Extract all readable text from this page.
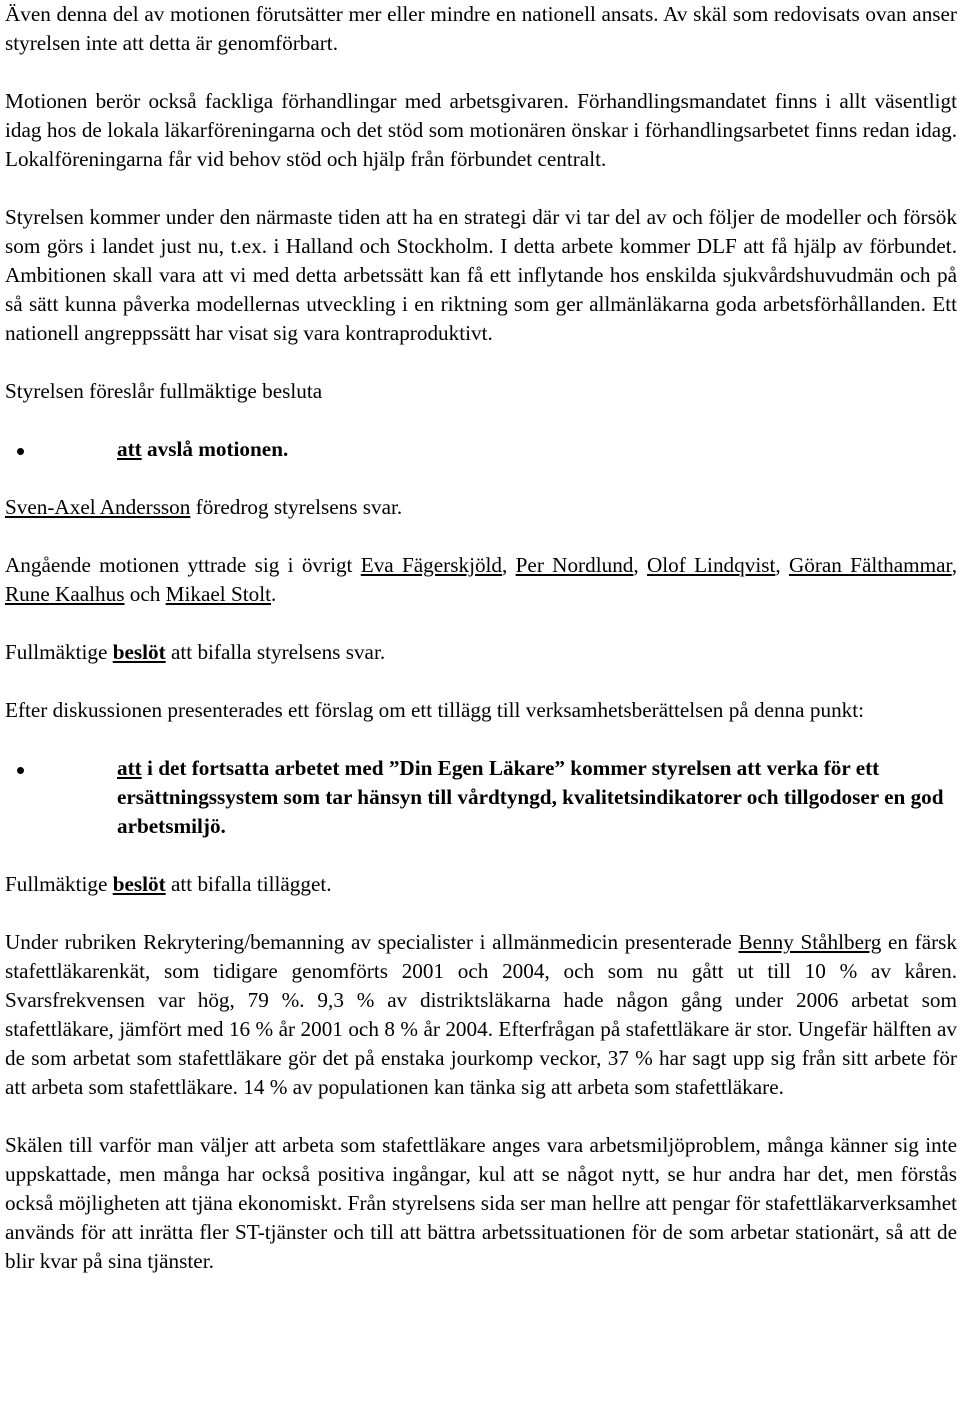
Även denna del av motionen förutsätter mer eller mindre en nationell ansats. Av skäl som redovisats ovan anser styrelsen inte att detta är genomförbart.

Motionen berör också fackliga förhandlingar med arbetsgivaren. Förhandlingsmandatet finns i allt väsentligt idag hos de lokala läkarföreningarna och det stöd som motionären önskar i förhandlingsarbetet finns redan idag. Lokalföreningarna får vid behov stöd och hjälp från förbundet centralt.

Styrelsen kommer under den närmaste tiden att ha en strategi där vi tar del av och följer de modeller och försök som görs i landet just nu, t.ex. i Halland och Stockholm. I detta arbete kommer DLF att få hjälp av förbundet. Ambitionen skall vara att vi med detta arbetssätt kan få ett inflytande hos enskilda sjukvårdshuvudmän och på så sätt kunna påverka modellernas utveckling i en riktning som ger allmänläkarna goda arbetsförhållanden. Ett nationell angreppssätt har visat sig vara kontraproduktivt.

Styrelsen föreslår fullmäktige besluta

att avslå motionen.

Sven-Axel Andersson föredrog styrelsens svar.

Angående motionen yttrade sig i övrigt Eva Fägerskjöld, Per Nordlund, Olof Lindqvist, Göran Fälthammar, Rune Kaalhus och Mikael Stolt.

Fullmäktige beslöt att bifalla styrelsens svar.

Efter diskussionen presenterades ett förslag om ett tillägg till verksamhetsberättelsen på denna punkt:

att i det fortsatta arbetet med ”Din Egen Läkare” kommer styrelsen att verka för ett ersättningssystem som tar hänsyn till vårdtyngd, kvalitetsindikatorer och tillgodoser en god arbetsmiljö.

Fullmäktige beslöt att bifalla tillägget.

Under rubriken Rekrytering/bemanning av specialister i allmänmedicin presenterade Benny Ståhlberg en färsk stafettläkarenkät, som tidigare genomförts 2001 och 2004, och som nu gått ut till 10 % av kåren. Svarsfrekvensen var hög, 79 %. 9,3 % av distriktsläkarna hade någon gång under 2006 arbetat som stafettläkare, jämfört med 16 % år 2001 och 8 % år 2004. Efterfrågan på stafettläkare är stor. Ungefär hälften av de som arbetat som stafettläkare gör det på enstaka jourkomp veckor, 37 % har sagt upp sig från sitt arbete för att arbeta som stafettläkare. 14 % av populationen kan tänka sig att arbeta som stafettläkare.

Skälen till varför man väljer att arbeta som stafettläkare anges vara arbetsmiljöproblem, många känner sig inte uppskattade, men många har också positiva ingångar, kul att se något nytt, se hur andra har det, men förstås också möjligheten att tjäna ekonomiskt. Från styrelsens sida ser man hellre att pengar för stafettläkarverksamhet används för att inrätta fler ST-tjänster och till att bättra arbetssituationen för de som arbetar stationärt, så att de blir kvar på sina tjänster.
